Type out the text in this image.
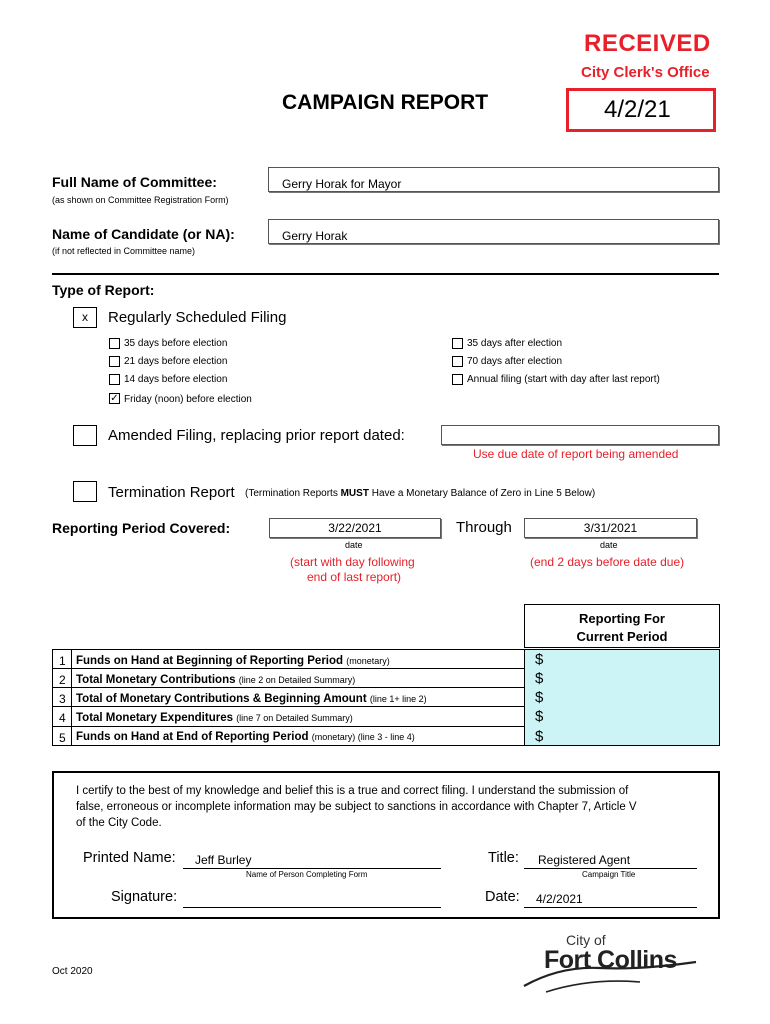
RECEIVED
City Clerk's Office
4/2/21
CAMPAIGN REPORT
Full Name of Committee:
(as shown on Committee Registration Form)
Gerry Horak for Mayor
Name of Candidate (or NA):
(if not reflected in Committee name)
Gerry Horak
Type of Report:
x	Regularly Scheduled Filing
35 days before election
21 days before election
14 days before election
✓ Friday (noon) before election
35 days after election
70 days after election
Annual filing (start with day after last report)
Amended Filing, replacing prior report dated:
Use due date of report being amended
Termination Report (Termination Reports MUST Have a Monetary Balance of Zero in Line 5 Below)
Reporting Period Covered:	3/22/2021	Through	3/31/2021
date	date
(start with day following
end of last report)
(end 2 days before date due)
Reporting For
Current Period
1 Funds on Hand at Beginning of Reporting Period (monetary)	$
2 Total Monetary Contributions (line 2 on Detailed Summary)	$
3 Total of Monetary Contributions & Beginning Amount (line 1+ line 2)	$
4 Total Monetary Expenditures (line 7 on Detailed Summary)	$
5 Funds on Hand at End of Reporting Period (monetary) (line 3 - line 4)	$
I certify to the best of my knowledge and belief this is a true and correct filing. I understand the submission of
false, erroneous or incomplete information may be subject to sanctions in accordance with Chapter 7, Article V
of the City Code.
Printed Name: Jeff Burley
Name of Person Completing Form
Title: Registered Agent
Campaign Title
Signature:	Date: 4/2/2021
Oct 2020
City of
Fort Collins
